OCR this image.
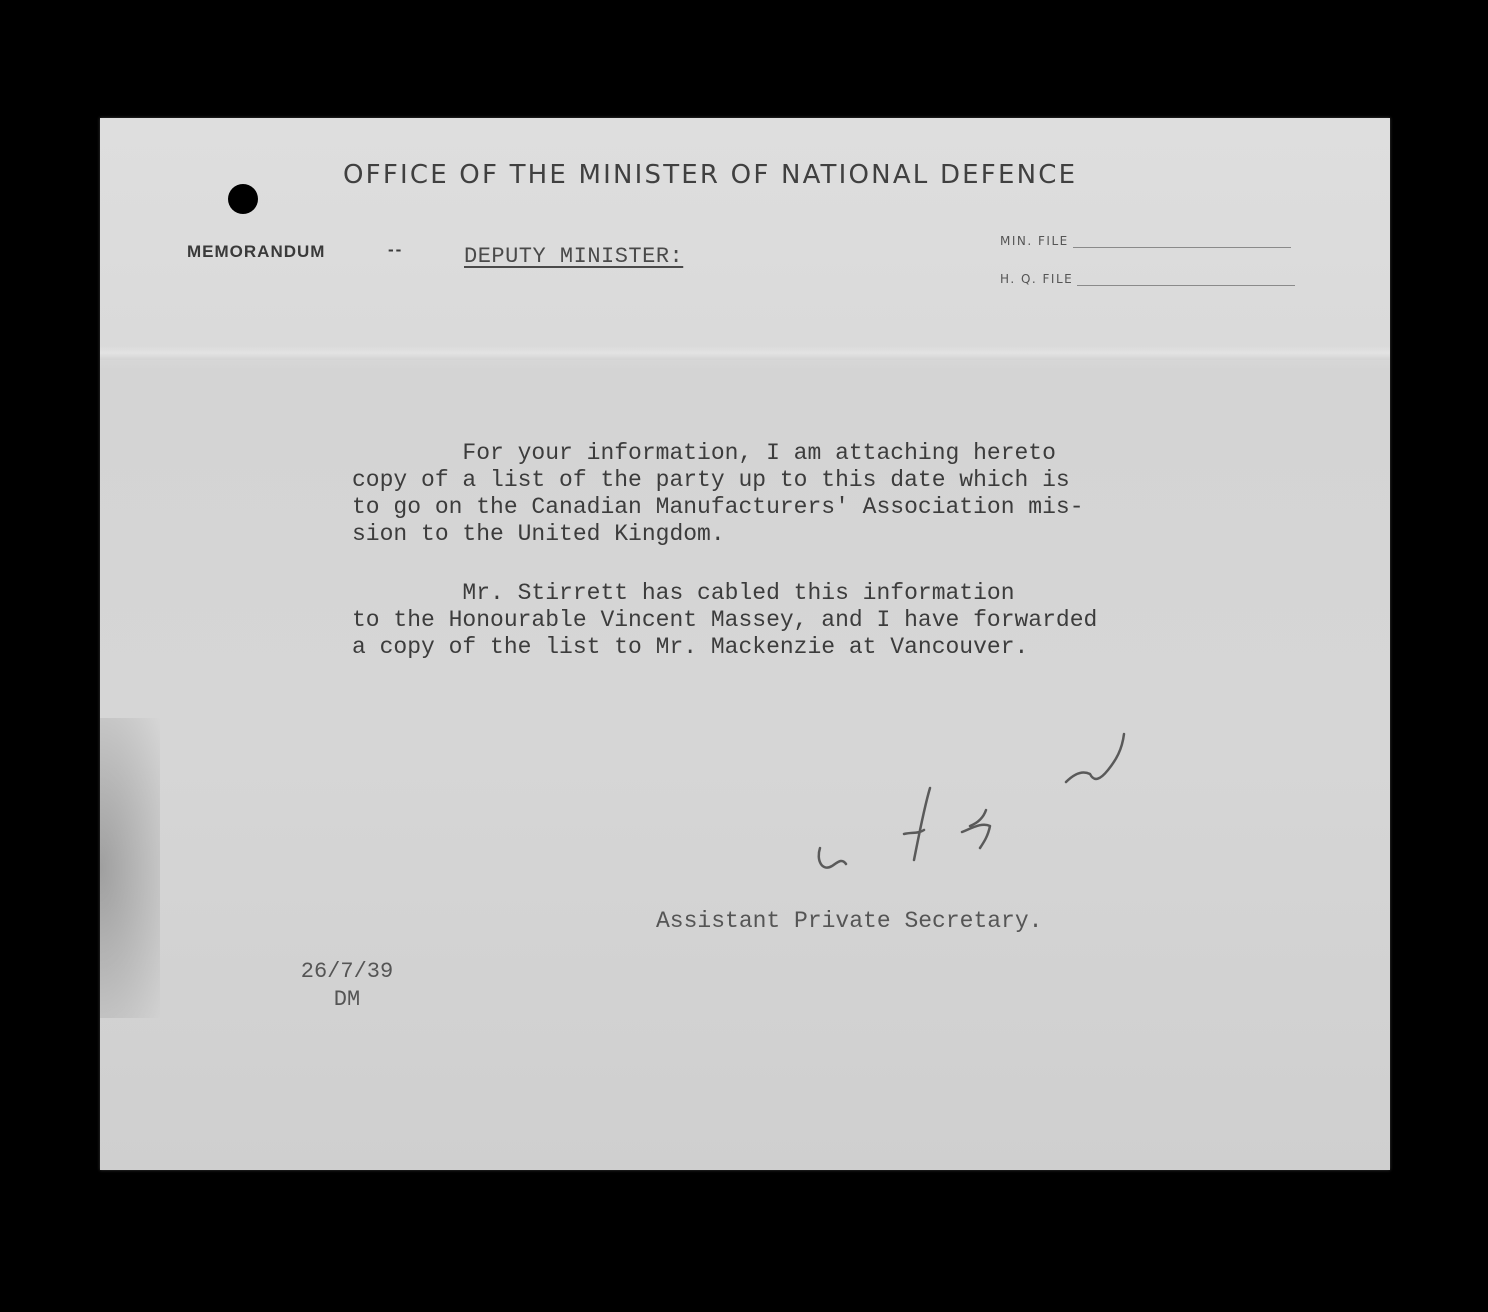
OFFICE OF THE MINISTER OF NATIONAL DEFENCE
MEMORANDUM	--	DEPUTY MINISTER:
MIN. FILE
H. Q. FILE
For your information, I am attaching hereto
copy of a list of the party up to this date which is
to go on the Canadian Manufacturers' Association mis-
sion to the United Kingdom.
Mr. Stirrett has cabled this information
to the Honourable Vincent Massey, and I have forwarded
a copy of the list to Mr. Mackenzie at Vancouver.
Assistant Private Secretary.
26/7/39
DM
